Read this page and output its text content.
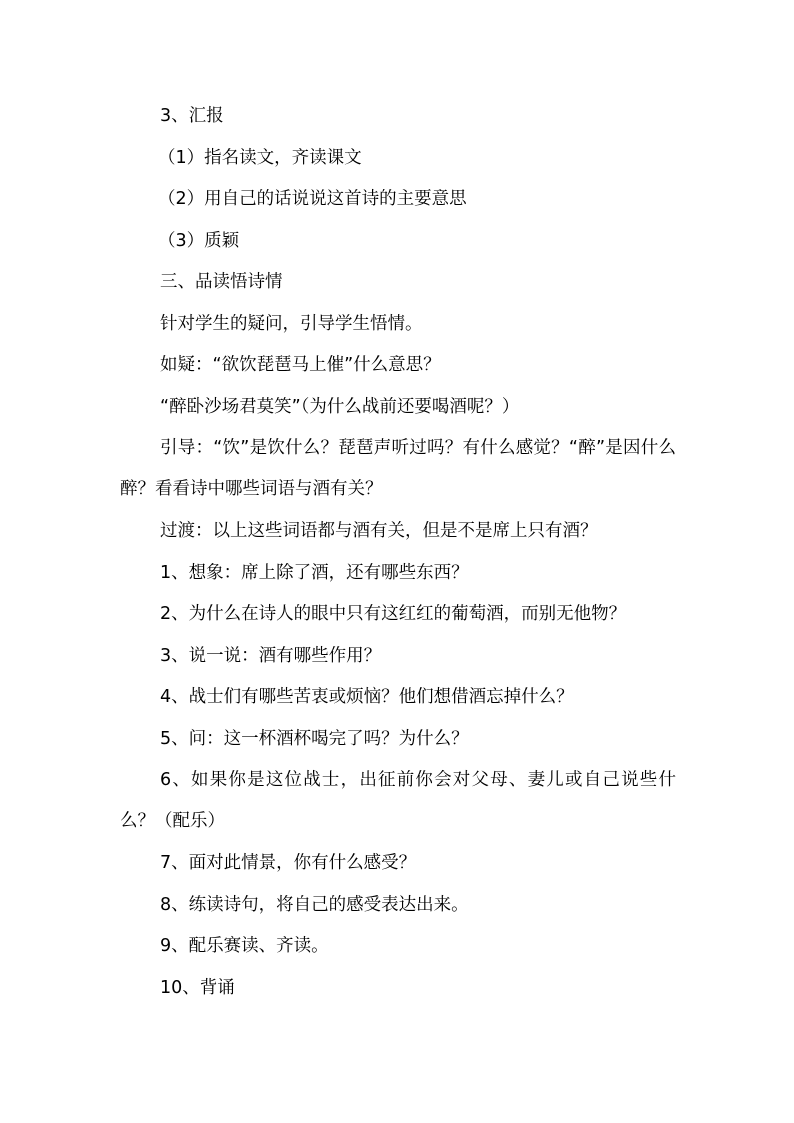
3、汇报

（1）指名读文，齐读课文

（2）用自己的话说说这首诗的主要意思

（3）质颖

三、品读悟诗情

针对学生的疑问，引导学生悟情。

如疑：“欲饮琵琶马上催”什么意思？

“醉卧沙场君莫笑”（为什么战前还要喝酒呢？）

引导：“饮”是饮什么？琵琶声听过吗？有什么感觉？“醉”是因什么醉？看看诗中哪些词语与酒有关？

过渡：以上这些词语都与酒有关，但是不是席上只有酒？

1、想象：席上除了酒，还有哪些东西？

2、为什么在诗人的眼中只有这红红的葡萄酒，而别无他物？

3、说一说：酒有哪些作用？

4、战士们有哪些苦衷或烦恼？他们想借酒忘掉什么？

5、问：这一杯酒杯喝完了吗？为什么？

6、如果你是这位战士，出征前你会对父母、妻儿或自己说些什么？（配乐）

7、面对此情景，你有什么感受？

8、练读诗句，将自己的感受表达出来。

9、配乐赛读、齐读。

10、背诵
